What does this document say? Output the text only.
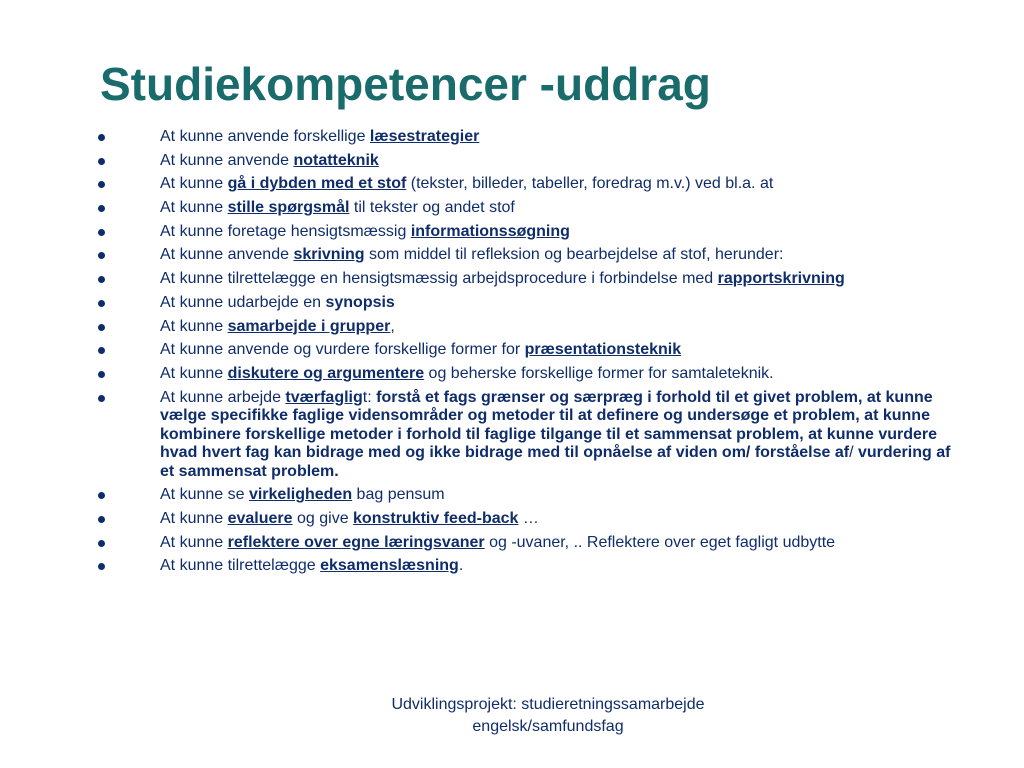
Studiekompetencer -uddrag
At kunne anvende forskellige læsestrategier
At kunne anvende notatteknik
At kunne gå i dybden med et stof (tekster, billeder, tabeller, foredrag m.v.) ved bl.a. at
At kunne stille spørgsmål til tekster og andet stof
At kunne foretage hensigtsmæssig informationssøgning
At kunne anvende skrivning som middel til refleksion og bearbejdelse af stof, herunder:
At kunne tilrettelægge en hensigtsmæssig arbejdsprocedure i forbindelse med rapportskrivning
At kunne udarbejde en synopsis
At kunne samarbejde i grupper,
At kunne anvende og vurdere forskellige former for præsentationsteknik
At kunne diskutere og argumentere og beherske forskellige former for samtaleteknik.
At kunne arbejde tværfagligt: forstå et fags grænser og særpræg i forhold til et givet problem, at kunne vælge specifikke faglige vidensområder og metoder til at definere og undersøge et problem, at kunne kombinere forskellige metoder i forhold til faglige tilgange til et sammensat problem, at kunne vurdere hvad hvert fag kan bidrage med og ikke bidrage med til opnåelse af viden om/ forståelse af/ vurdering af et sammensat problem.
At kunne se virkeligheden bag pensum
At kunne evaluere og give konstruktiv feed-back …
At kunne reflektere over egne læringsvaner og -uvaner, .. Reflektere over eget fagligt udbytte
At kunne tilrettelægge eksamenslæsning.
Udviklingsprojekt: studieretningssamarbejde
engelsk/samfundsfag
